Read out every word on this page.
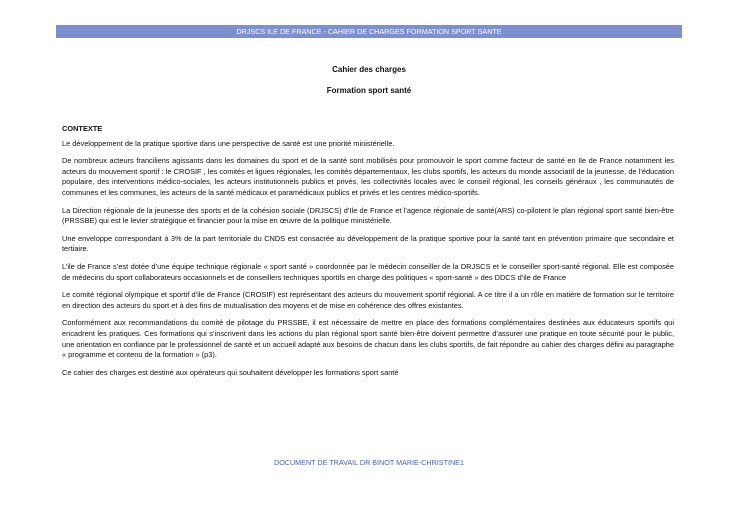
DRJSCS ILE DE FRANCE - CAHIER DE CHARGES FORMATION SPORT SANTE
Cahier des charges
Formation sport santé
CONTEXTE

Le développement de la pratique sportive dans une perspective de santé est une priorité ministérielle.

De nombreux acteurs franciliens agissants dans les domaines du sport et de la santé sont mobilisés pour promouvoir le sport comme facteur de santé en Ile de France notamment les acteurs du mouvement sportif : le CROSIF , les comités et ligues régionales, les comités départementaux, les clubs sportifs, les acteurs du monde associatif de la jeunesse, de l’éducation populaire, des interventions médico-sociales, les acteurs institutionnels publics et privés, les collectivités locales avec le conseil régional, les conseils généraux , les communautés de communes et les communes, les acteurs de la santé médicaux et paramédicaux publics et privés et les centres médico-sportifs.

La Direction régionale de la jeunesse des sports et de la cohésion sociale (DRJSCS) d’Ile de France et l’agence régionale de santé(ARS) co-pilotent le plan régional sport santé bien-être (PRSSBE) qui est le levier stratégique et financier pour la mise en œuvre de la politique ministérielle.

Une enveloppe correspondant à 3% de la part territoriale du CNDS est consacrée au développement de la pratique sportive pour la santé tant en prévention primaire que secondaire et tertiaire.

L’ile de France s’est dotée d’une équipe technique régionale « sport santé » coordonnée par le médecin conseiller de la DRJSCS et le conseiller sport-santé régional. Elle est composée de médecins du sport collaborateurs occasionnels et de conseillers techniques sportifs en charge des politiques « sport-santé » des DDCS d’ile de France

Le comité régional olympique et sportif d’ile de France (CROSIF) est représentant des acteurs du mouvement sportif régional. A ce titre il a un rôle en matière de formation sur le territoire en direction des acteurs du sport et à des fins de mutualisation des moyens et de mise en cohérence des offres existantes.

Conformément aux recommandations du comité de pilotage du PRSSBE, il est nécessaire de mettre en place des formations complémentaires destinées aux éducateurs sportifs qui encadrent les pratiques. Ces formations qui s’inscrivent dans les actions du plan régional sport santé bien-être doivent permettre d’assurer une pratique en toute sécurité pour le public, une orientation en confiance par le professionnel de santé et un accueil adapté aux besoins de chacun dans les clubs sportifs, de fait répondre au cahier des charges défini au paragraphe « programme et contenu de la formation » (p3).

Ce cahier des charges est destiné aux opérateurs qui souhaitent développer les formations sport santé

DOCUMENT DE TRAVAIL DR BINOT MARIE-CHRISTINE1
